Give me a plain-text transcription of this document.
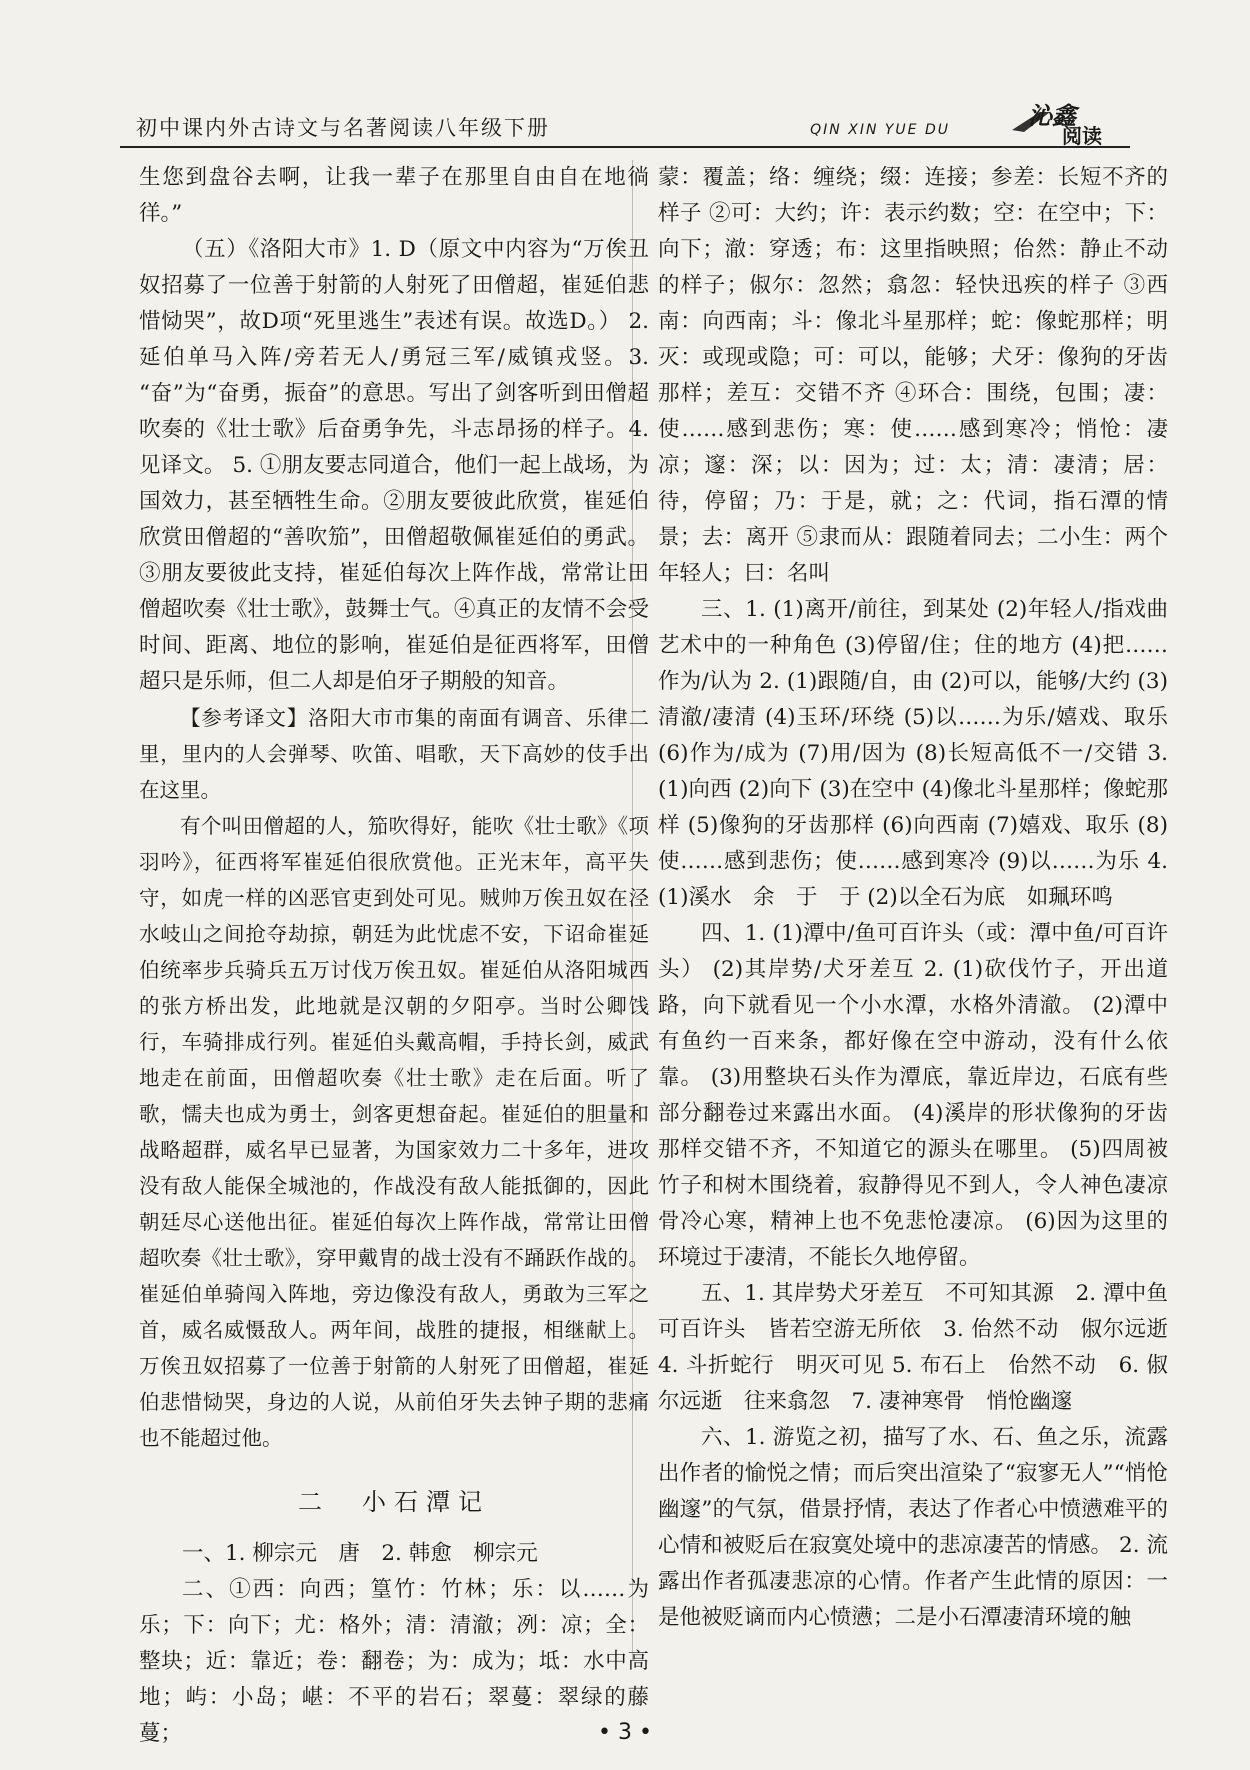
初中课内外古诗文与名著阅读八年级下册	QIN XIN YUE DU	沁鑫
阅读

生您到盘谷去啊，让我一辈子在那里自由自在地徜徉。”

（五）《洛阳大市》1. D（原文中内容为“万俟丑奴招募了一位善于射箭的人射死了田僧超，崔延伯悲惜恸哭”，故D项“死里逃生”表述有误。故选D。） 2. 延伯单马入阵/旁若无人/勇冠三军/威镇戎竖。3. “奋”为“奋勇，振奋”的意思。写出了剑客听到田僧超吹奏的《壮士歌》后奋勇争先，斗志昂扬的样子。4. 见译文。 5. ①朋友要志同道合，他们一起上战场，为国效力，甚至牺牲生命。②朋友要彼此欣赏，崔延伯欣赏田僧超的“善吹笳”，田僧超敬佩崔延伯的勇武。③朋友要彼此支持，崔延伯每次上阵作战，常常让田僧超吹奏《壮士歌》，鼓舞士气。④真正的友情不会受时间、距离、地位的影响，崔延伯是征西将军，田僧超只是乐师，但二人却是伯牙子期般的知音。

【参考译文】洛阳大市市集的南面有调音、乐律二里，里内的人会弹琴、吹笛、唱歌，天下高妙的伎手出在这里。

有个叫田僧超的人，笳吹得好，能吹《壮士歌》《项羽吟》，征西将军崔延伯很欣赏他。正光末年，高平失守，如虎一样的凶恶官吏到处可见。贼帅万俟丑奴在泾水岐山之间抢夺劫掠，朝廷为此忧虑不安，下诏命崔延伯统率步兵骑兵五万讨伐万俟丑奴。崔延伯从洛阳城西的张方桥出发，此地就是汉朝的夕阳亭。当时公卿饯行，车骑排成行列。崔延伯头戴高帽，手持长剑，威武地走在前面，田僧超吹奏《壮士歌》走在后面。听了歌，懦夫也成为勇士，剑客更想奋起。崔延伯的胆量和战略超群，威名早已显著，为国家效力二十多年，进攻没有敌人能保全城池的，作战没有敌人能抵御的，因此朝廷尽心送他出征。崔延伯每次上阵作战，常常让田僧超吹奏《壮士歌》，穿甲戴胄的战士没有不踊跃作战的。崔延伯单骑闯入阵地，旁边像没有敌人，勇敢为三军之首，威名威慑敌人。两年间，战胜的捷报，相继献上。万俟丑奴招募了一位善于射箭的人射死了田僧超，崔延伯悲惜恸哭，身边的人说，从前伯牙失去钟子期的悲痛也不能超过他。

二　小石潭记

一、1. 柳宗元　唐　2. 韩愈　柳宗元

二、①西：向西；篁竹：竹林；乐：以……为乐；下：向下；尤：格外；清：清澈；冽：凉；全：整块；近：靠近；卷：翻卷；为：成为；坻：水中高地；屿：小岛；嵁：不平的岩石；翠蔓：翠绿的藤蔓；

蒙：覆盖；络：缠绕；缀：连接；参差：长短不齐的样子 ②可：大约；许：表示约数；空：在空中；下：向下；澈：穿透；布：这里指映照；佁然：静止不动的样子；俶尔：忽然；翕忽：轻快迅疾的样子 ③西南：向西南；斗：像北斗星那样；蛇：像蛇那样；明灭：或现或隐；可：可以，能够；犬牙：像狗的牙齿那样；差互：交错不齐 ④环合：围绕，包围；凄：使……感到悲伤；寒：使……感到寒冷；悄怆：凄凉；邃：深；以：因为；过：太；清：凄清；居：待，停留；乃：于是，就；之：代词，指石潭的情景；去：离开 ⑤隶而从：跟随着同去；二小生：两个年轻人；曰：名叫

三、1. (1)离开/前往，到某处 (2)年轻人/指戏曲艺术中的一种角色 (3)停留/住；住的地方 (4)把……作为/认为 2. (1)跟随/自，由 (2)可以，能够/大约 (3)清澈/凄清 (4)玉环/环绕 (5)以……为乐/嬉戏、取乐 (6)作为/成为 (7)用/因为 (8)长短高低不一/交错 3. (1)向西 (2)向下 (3)在空中 (4)像北斗星那样；像蛇那样 (5)像狗的牙齿那样 (6)向西南 (7)嬉戏、取乐 (8)使……感到悲伤；使……感到寒冷 (9)以……为乐 4. (1)溪水　余　于　于 (2)以全石为底　如珮环鸣

四、1. (1)潭中/鱼可百许头（或：潭中鱼/可百许头） (2)其岸势/犬牙差互 2. (1)砍伐竹子，开出道路，向下就看见一个小水潭，水格外清澈。 (2)潭中有鱼约一百来条，都好像在空中游动，没有什么依靠。 (3)用整块石头作为潭底，靠近岸边，石底有些部分翻卷过来露出水面。 (4)溪岸的形状像狗的牙齿那样交错不齐，不知道它的源头在哪里。 (5)四周被竹子和树木围绕着，寂静得见不到人，令人神色凄凉骨冷心寒，精神上也不免悲怆凄凉。 (6)因为这里的环境过于凄清，不能长久地停留。

五、1. 其岸势犬牙差互　不可知其源　2. 潭中鱼可百许头　皆若空游无所依　3. 佁然不动　俶尔远逝　4. 斗折蛇行　明灭可见 5. 布石上　佁然不动　6. 俶尔远逝　往来翕忽　7. 凄神寒骨　悄怆幽邃

六、1. 游览之初，描写了水、石、鱼之乐，流露出作者的愉悦之情；而后突出渲染了“寂寥无人”“悄怆幽邃”的气氛，借景抒情，表达了作者心中愤懑难平的心情和被贬后在寂寞处境中的悲凉凄苦的情感。 2. 流露出作者孤凄悲凉的心情。作者产生此情的原因：一是他被贬谪而内心愤懑；二是小石潭凄清环境的触

• 3 •
